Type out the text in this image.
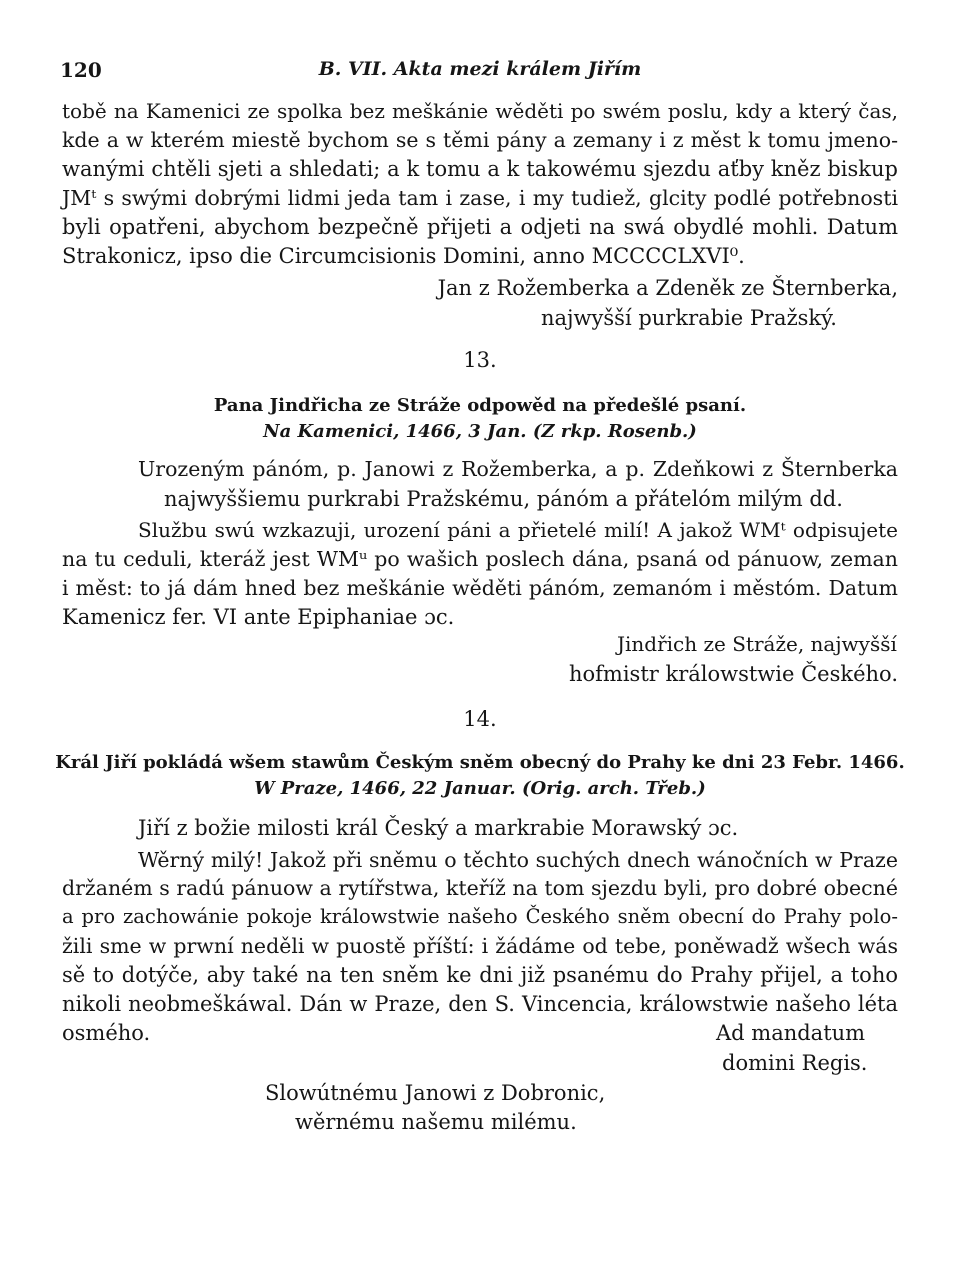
120	B. VII. Akta mezi králem Jiřím
tobě na Kamenici ze spolka bez meškánie wěděti po swém poslu, kdy a který čas,
kde a w kterém miestě bychom se s těmi pány a zemany i z měst k tomu jmeno-
wanými chtěli sjeti a shledati; a k tomu a k takowému sjezdu aťby kněz biskup
JMᵗ s swými dobrými lidmi jeda tam i zase, i my tudiež, glcity podlé potřebnosti
byli opatřeni, abychom bezpečně přijeti a odjeti na swá obydlé mohli. Datum
Strakonicz, ipso die Circumcisionis Domini, anno MCCCCLXVI⁰.
Jan z Rožemberka a Zdeněk ze Šternberka,
najwyšší purkrabie Pražský.
13.
Pana Jindřicha ze Stráže odpowěd na předešlé psaní.
Na Kamenici, 1466, 3 Jan. (Z rkp. Rosenb.)
Urozeným pánóm, p. Janowi z Rožemberka, a p. Zdeňkowi z Šternberka
najwyššiemu purkrabi Pražskému, pánóm a přátelóm milým dd.
Službu swú wzkazuji, urození páni a přietelé milí! A jakož WMᵗ odpisujete
na tu ceduli, kteráž jest WMᵘ po wašich poslech dána, psaná od pánuow, zeman
i měst: to já dám hned bez meškánie wěděti pánóm, zemanóm i městóm. Datum
Kamenicz fer. VI ante Epiphaniae ɔc.
Jindřich ze Stráže, najwyšší
hofmistr králowstwie Českého.
14.
Král Jiří pokládá wšem stawům Českým sněm obecný do Prahy ke dni 23 Febr. 1466.
W Praze, 1466, 22 Januar. (Orig. arch. Třeb.)
Jiří z božie milosti král Český a markrabie Morawský ɔc.
Wěrný milý! Jakož při sněmu o těchto suchých dnech wánočních w Praze
držaném s radú pánuow a rytířstwa, kteříž na tom sjezdu byli, pro dobré obecné
a pro zachowánie pokoje králowstwie našeho Českého sněm obecní do Prahy polo-
žili sme w prwní neděli w puostě příští: i žádáme od tebe, poněwadž wšech wás
sě to dotýče, aby také na ten sněm ke dni již psanému do Prahy přijel, a toho
nikoli neobmeškáwal. Dán w Praze, den S. Vincencia, králowstwie našeho léta
osmého.	Ad mandatum
domini Regis.
Slowútnému Janowi z Dobronic,
wěrnému našemu milému.
